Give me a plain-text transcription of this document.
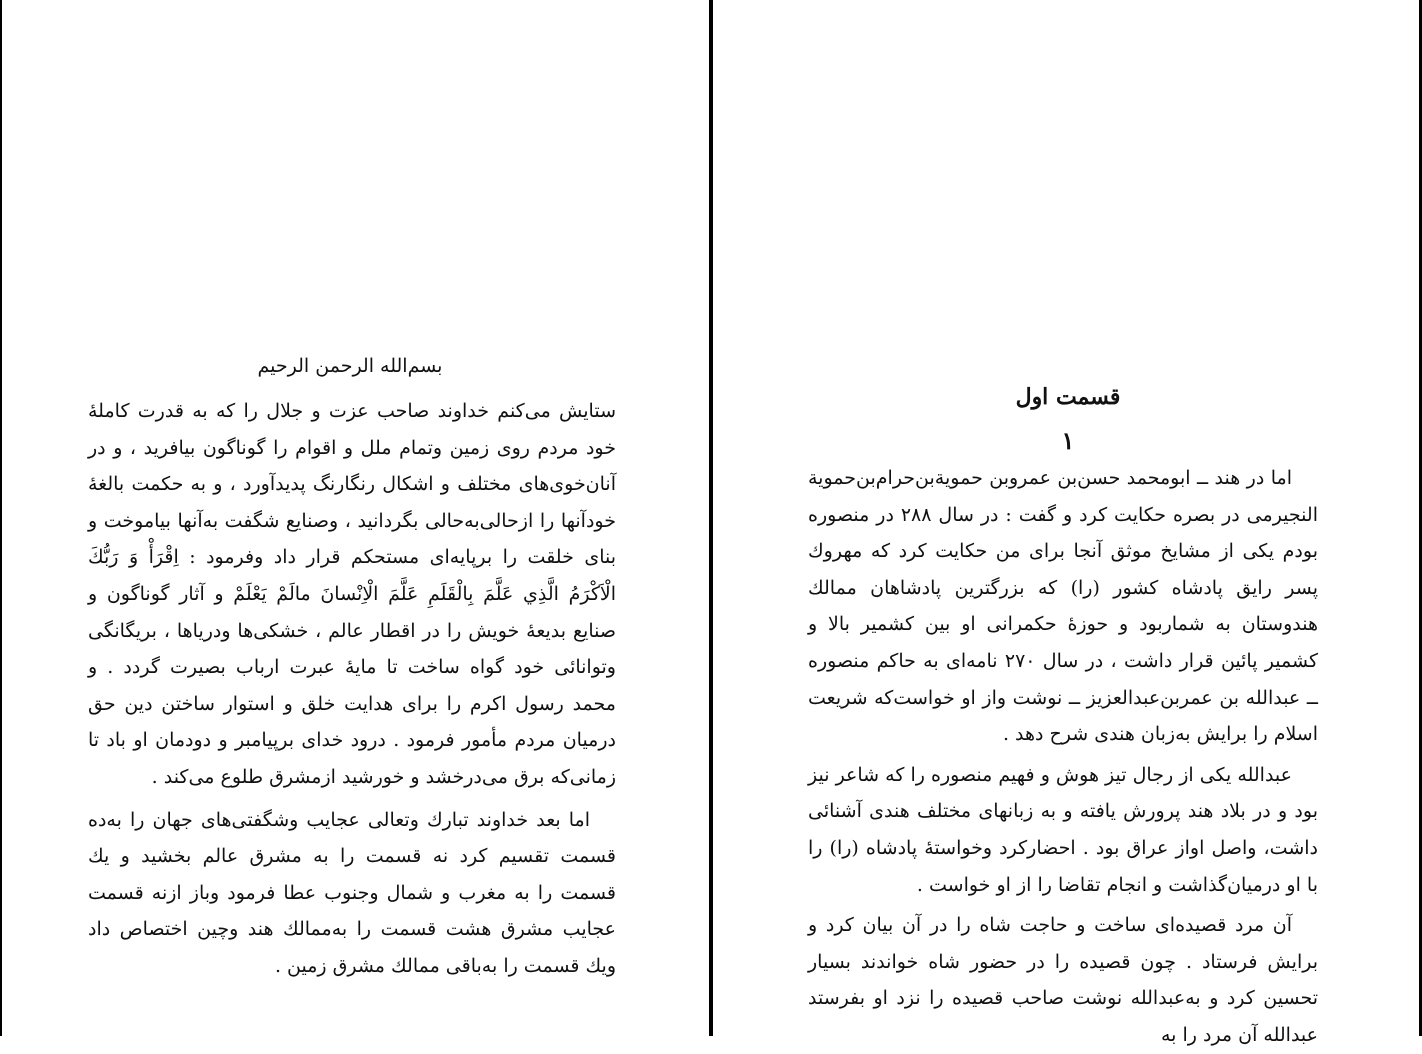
بسم‌الله الرحمن الرحیم

ستایش می‌کنم خداوند صاحب عزت و جلال را که به قدرت کاملهٔ خود مردم روی زمین وتمام ملل و اقوام را گوناگون بیافرید ، و در آنان‌خوی‌های مختلف و اشکال رنگارنگ پدیدآورد ، و به حکمت بالغهٔ خودآنها را ازحالی‌به‌حالی بگردانید ، وصنایع شگفت به‌آنها بیاموخت و بنای خلقت را برپایه‌ای مستحکم قرار داد وفرمود : اِقْرَأْ وَ رَبُّكَ الْاَكْرَمُ الَّذِي عَلَّمَ بِالْقَلَمِ عَلَّمَ الْاِنْسانَ مالَمْ يَعْلَمْ و آثار گوناگون و صنایع بدیعهٔ خویش را در اقطار عالم ، خشکی‌ها ودریاها ، بریگانگی وتوانائی خود گواه ساخت تا مایهٔ عبرت ارباب بصیرت گردد . و محمد رسول اکرم را برای هدایت خلق و استوار ساختن دین حق درمیان مردم مأمور فرمود . درود خدای برپیامبر و دودمان او باد تا زمانی‌که برق می‌درخشد و خورشید ازمشرق طلوع می‌کند .

اما بعد خداوند تبارك وتعالی عجایب وشگفتی‌های جهان را به‌ده قسمت تقسیم کرد نه قسمت را به مشرق عالم بخشید و یك قسمت را به مغرب و شمال وجنوب عطا فرمود وباز ازنه قسمت عجایب مشرق هشت قسمت را به‌ممالك هند وچین اختصاص داد ویك قسمت را به‌باقی ممالك مشرق زمین .

قسمت اول
۱

اما در هند ــ ابومحمد حسن‌بن عمروبن حمویةبن‌حرام‌بن‌حمویة النجیرمی در بصره حکایت کرد و گفت : در سال ۲۸۸ در منصوره بودم یکی از مشایخ موثق آنجا برای من حکایت کرد که مهروك پسر رایق پادشاه کشور (را) که بزرگترین پادشاهان ممالك هندوستان به شماربود و حوزهٔ حکمرانی او بین کشمیر بالا و کشمیر پائین قرار داشت ، در سال ۲۷۰ نامه‌ای به حاکم منصوره ــ عبدالله بن عمربن‌عبدالعزیز ــ نوشت واز او خواست‌که شریعت اسلام را برایش به‌زبان هندی شرح دهد .

عبدالله یکی از رجال تیز هوش و فهیم منصوره را که شاعر نیز بود و در بلاد هند پرورش یافته و به زبانهای مختلف هندی آشنائی داشت، واصل اواز عراق بود . احضارکرد وخواستهٔ پادشاه (را) را با او درمیان‌گذاشت و انجام تقاضا را از او خواست .

آن مرد قصیده‌ای ساخت و حاجت شاه را در آن بیان کرد و برایش فرستاد . چون قصیده را در حضور شاه خواندند بسیار تحسین کرد و به‌عبدالله نوشت صاحب قصیده را نزد او بفرستد عبدالله آن مرد را به
